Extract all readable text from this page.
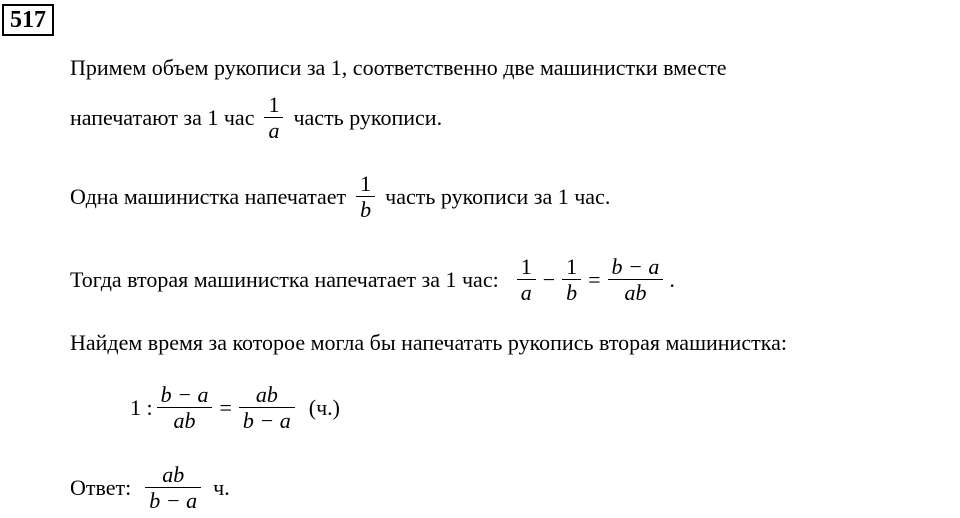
517
Примем объем рукописи за 1, соответственно две машинистки вместе
напечатают за 1 час $\frac{1}{a}$ часть рукописи.
Одна машинистка напечатает $\frac{1}{b}$ часть рукописи за 1 час.
Тогда вторая машинистка напечатает за 1 час: $\frac{1}{a} - \frac{1}{b} = \frac{b - a}{ab}$ .
Найдем время за которое могла бы напечатать рукопись вторая машинистка:
1 : $\frac{b - a}{ab} = \frac{ab}{b - a} (ч.)$
Ответ: $\frac{ab}{b - a} ч$.
